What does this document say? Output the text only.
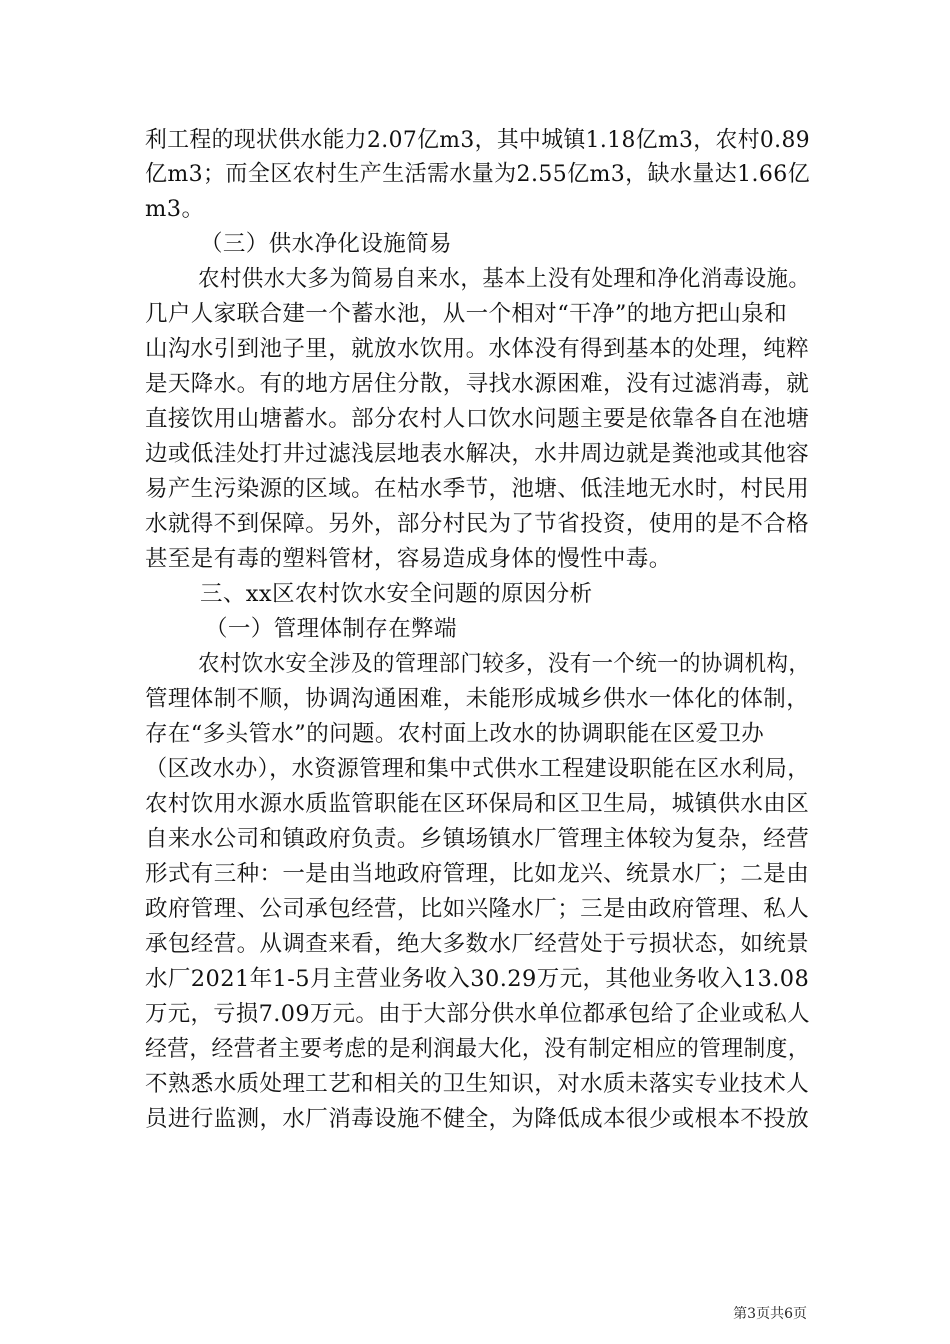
利工程的现状供水能力2.07亿m3，其中城镇1.18亿m3，农村0.89
亿m3；而全区农村生产生活需水量为2.55亿m3，缺水量达1.66亿
m3。
（三）供水净化设施简易
农村供水大多为简易自来水，基本上没有处理和净化消毒设施。
几户人家联合建一个蓄水池，从一个相对“干净”的地方把山泉和
山沟水引到池子里，就放水饮用。水体没有得到基本的处理，纯粹
是天降水。有的地方居住分散，寻找水源困难，没有过滤消毒，就
直接饮用山塘蓄水。部分农村人口饮水问题主要是依靠各自在池塘
边或低洼处打井过滤浅层地表水解决，水井周边就是粪池或其他容
易产生污染源的区域。在枯水季节，池塘、低洼地无水时，村民用
水就得不到保障。另外，部分村民为了节省投资，使用的是不合格
甚至是有毒的塑料管材，容易造成身体的慢性中毒。
三、xx区农村饮水安全问题的原因分析
（一）管理体制存在弊端
农村饮水安全涉及的管理部门较多，没有一个统一的协调机构，
管理体制不顺，协调沟通困难，未能形成城乡供水一体化的体制，
存在“多头管水”的问题。农村面上改水的协调职能在区爱卫办
（区改水办），水资源管理和集中式供水工程建设职能在区水利局，
农村饮用水源水质监管职能在区环保局和区卫生局，城镇供水由区
自来水公司和镇政府负责。乡镇场镇水厂管理主体较为复杂，经营
形式有三种：一是由当地政府管理，比如龙兴、统景水厂；二是由
政府管理、公司承包经营，比如兴隆水厂；三是由政府管理、私人
承包经营。从调查来看，绝大多数水厂经营处于亏损状态，如统景
水厂2021年1-5月主营业务收入30.29万元，其他业务收入13.08
万元，亏损7.09万元。由于大部分供水单位都承包给了企业或私人
经营，经营者主要考虑的是利润最大化，没有制定相应的管理制度，
不熟悉水质处理工艺和相关的卫生知识，对水质未落实专业技术人
员进行监测，水厂消毒设施不健全，为降低成本很少或根本不投放
第3页共6页
